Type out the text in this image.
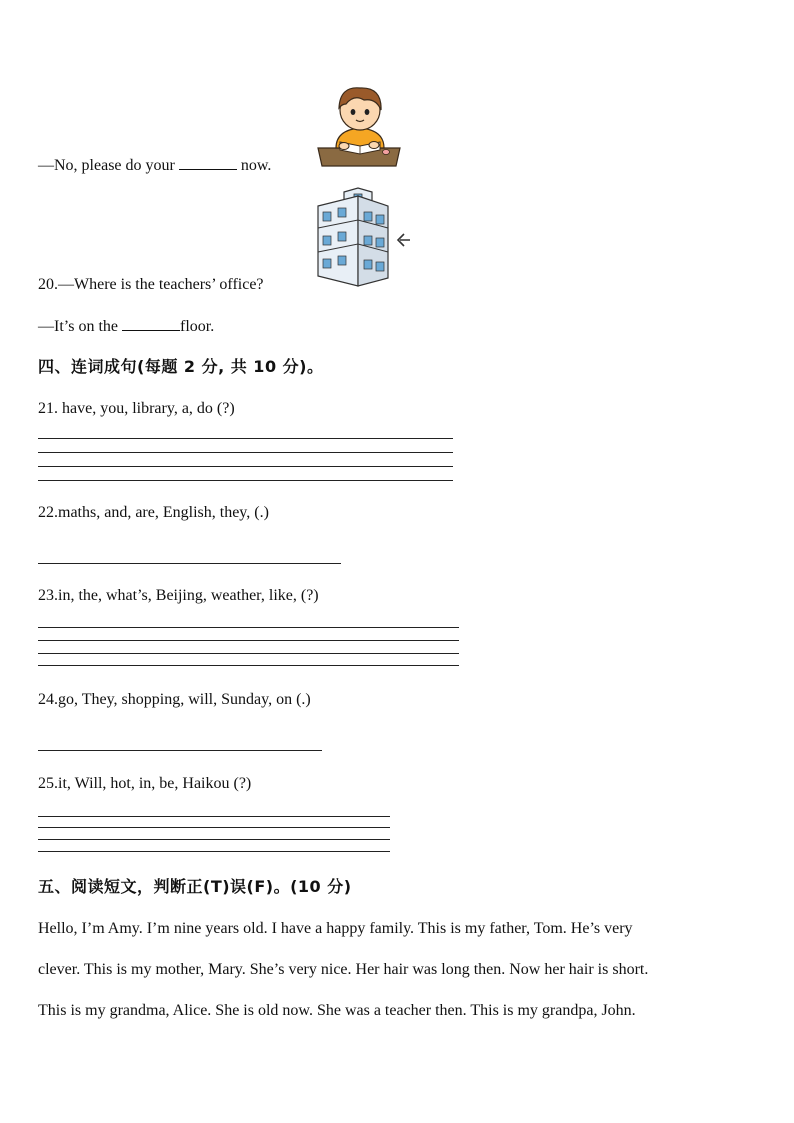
—No, please do your	now.
20.—Where is the teachers’ office?
—It’s on the	floor.
四、连词成句(每题 2 分, 共 10 分)。
21. have, you, library, a, do (?)
22.maths, and, are, English, they, (.)
23.in, the, what’s, Beijing, weather, like, (?)
24.go, They, shopping, will, Sunday, on (.)
25.it, Will, hot, in, be, Haikou (?)
五、阅读短文，判断正(T)误(F)。(10 分)
Hello, I’m Amy. I’m nine years old. I have a happy family. This is my father, Tom. He’s very
clever. This is my mother, Mary. She’s very nice. Her hair was long then. Now her hair is short.
This is my grandma, Alice. She is old now. She was a teacher then. This is my grandpa, John.
